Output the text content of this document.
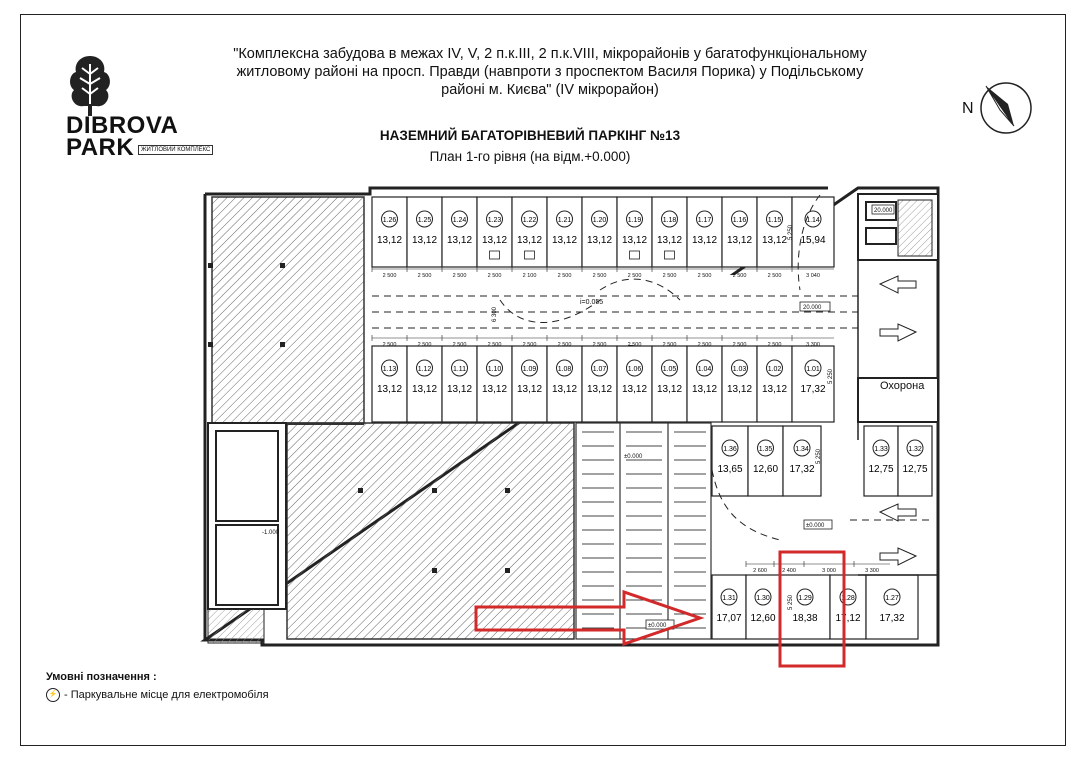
DIBROVA
PARK	ЖИТЛОВИЙ КОМПЛЕКС
"Комплексна забудова в межах IV, V, 2 п.к.III, 2 п.к.VIII, мікрорайонів у багатофункціональному
житловому районі на просп. Правди (навпроти з проспектом Василя Порика) у Подільському
районі м. Києва" (IV мікрорайон)
НАЗЕМНИЙ БАГАТОРІВНЕВИЙ ПАРКІНГ №13
План 1-го рівня (на відм.+0.000)
N
1.26
13,12
1.25
13,12
1.24
13,12
1.23
13,12
1.22
13,12
1.21
13,12
1.20
13,12
1.19
13,12
1.18
13,12
1.17
13,12
1.16
13,12
1.15
13,12
1.14
15,94
1.13
13,12
1.12
13,12
1.11
13,12
1.10
13,12
1.09
13,12
1.08
13,12
1.07
13,12
1.06
13,12
1.05
13,12
1.04
13,12
1.03
13,12
1.02
13,12
1.01
17,32
1.36
13,65
1.35
12,60
1.34
17,32
1.33
12,75
1.32
12,75
1.31
17,07
1.30
12,60
1.29
18,38
1.28
17,12
1.27
17,32
20.000
20.000
±0.000
±0.000
-1.000
±0.000
i=0.055
6 300
5 250
5 250
5 250
5 250
2 500	2 500	2 500	2 500	2 100	2 500	2 500	2 500	2 500	2 500	2 500	2 500	3 040
2 500	2 500	2 500	2 500	2 500	2 500	2 500	2 500	2 500	2 500	2 500	2 500	3 300
2 600	2 400	3 000	3 300
Охорона
Умовні позначення :
⚡ - Паркувальне місце для електромобіля
